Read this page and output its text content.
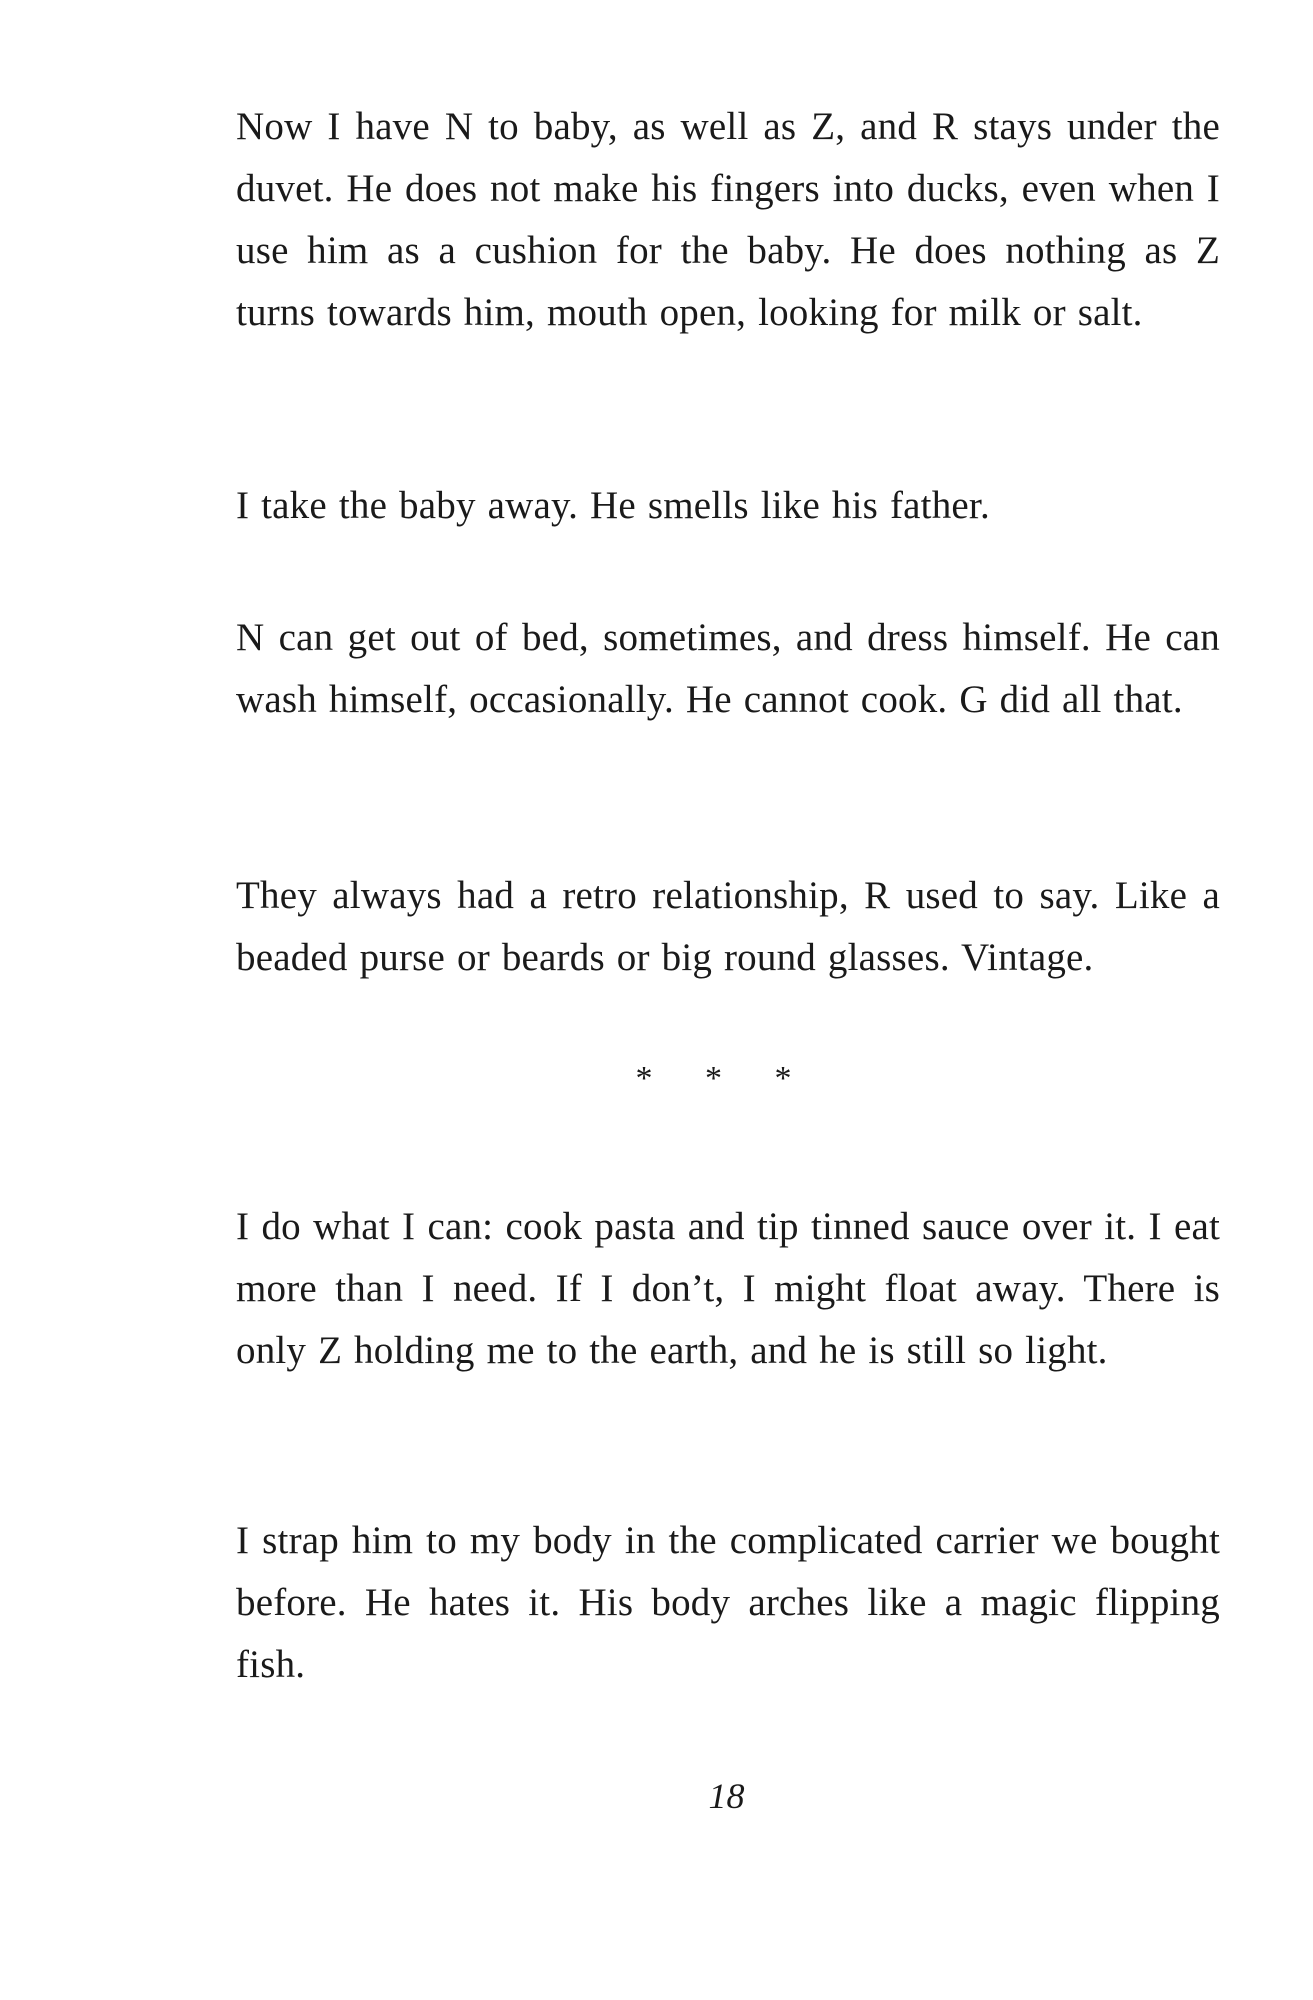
Now I have N to baby, as well as Z, and R stays under the duvet. He does not make his fingers into ducks, even when I use him as a cushion for the baby. He does nothing as Z turns towards him, mouth open, looking for milk or salt.

I take the baby away. He smells like his father.

N can get out of bed, sometimes, and dress himself. He can wash himself, occasionally. He cannot cook. G did all that.

They always had a retro relationship, R used to say. Like a beaded purse or beards or big round glasses. Vintage.

* * *

I do what I can: cook pasta and tip tinned sauce over it. I eat more than I need. If I don’t, I might float away. There is only Z holding me to the earth, and he is still so light.

I strap him to my body in the complicated carrier we bought before. He hates it. His body arches like a magic flipping fish.

18
